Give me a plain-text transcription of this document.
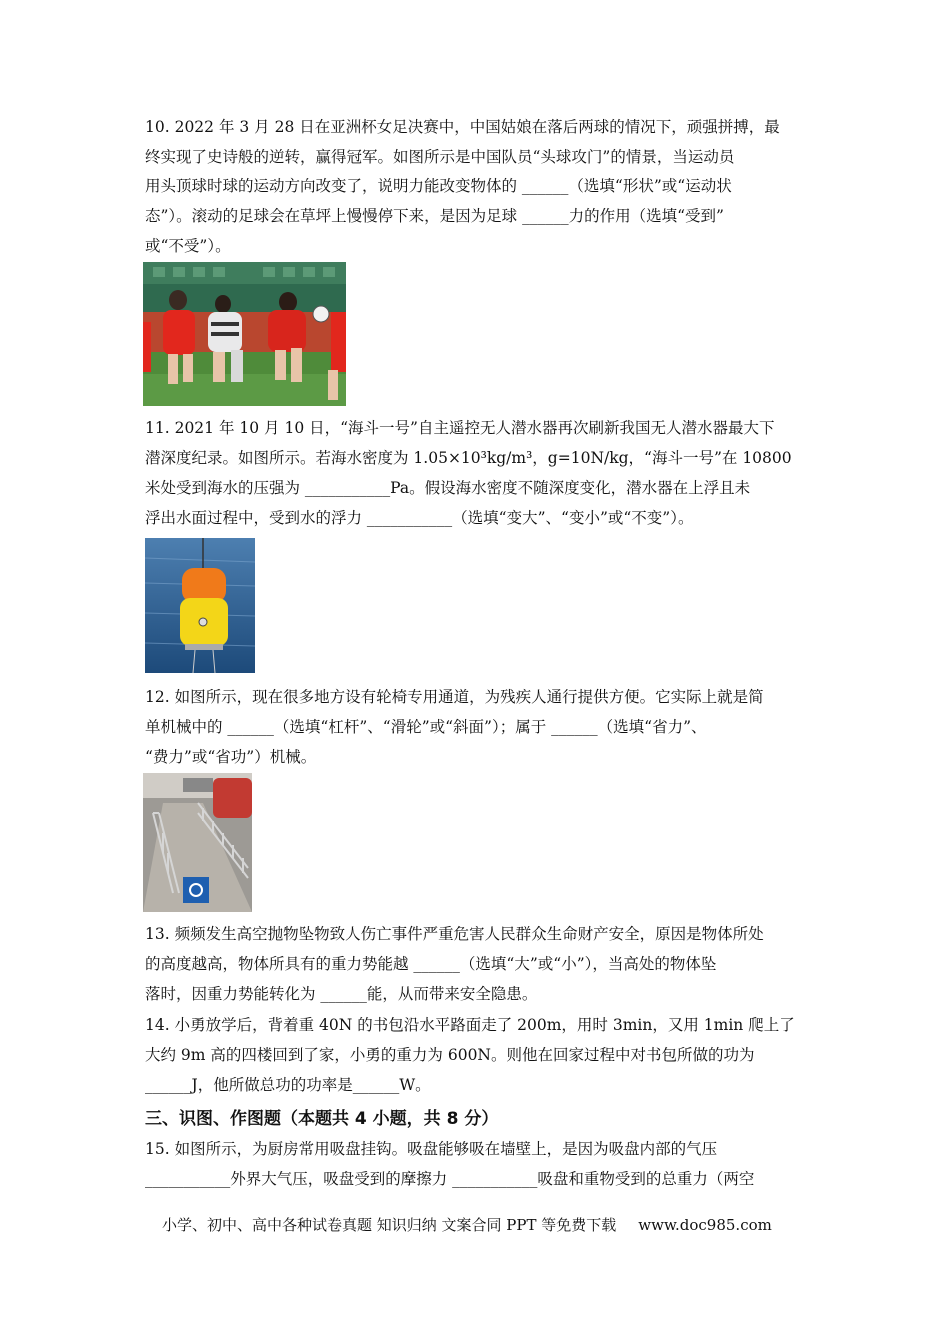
10. 2022 年 3 月 28 日在亚洲杯女足决赛中，中国姑娘在落后两球的情况下，顽强拼搏，最
终实现了史诗般的逆转，赢得冠军。如图所示是中国队员“头球攻门”的情景，当运动员
用头顶球时球的运动方向改变了，说明力能改变物体的 ______（选填“形状”或“运动状
态”）。滚动的足球会在草坪上慢慢停下来，是因为足球 ______力的作用（选填“受到”
或“不受”）。
11. 2021 年 10 月 10 日，“海斗一号”自主遥控无人潜水器再次刷新我国无人潜水器最大下
潜深度纪录。如图所示。若海水密度为 1.05×10³kg/m³，g=10N/kg，“海斗一号”在 10800
米处受到海水的压强为 ___________Pa。假设海水密度不随深度变化，潜水器在上浮且未
浮出水面过程中，受到水的浮力 ___________（选填“变大”、“变小”或“不变”）。
12. 如图所示，现在很多地方设有轮椅专用通道，为残疾人通行提供方便。它实际上就是简
单机械中的 ______（选填“杠杆”、“滑轮”或“斜面”）；属于 ______（选填“省力”、
“费力”或“省功”）机械。
13. 频频发生高空抛物坠物致人伤亡事件严重危害人民群众生命财产安全，原因是物体所处
的高度越高，物体所具有的重力势能越 ______（选填“大”或“小”），当高处的物体坠
落时，因重力势能转化为 ______能，从而带来安全隐患。
14. 小勇放学后，背着重 40N 的书包沿水平路面走了 200m，用时 3min，又用 1min 爬上了
大约 9m 高的四楼回到了家，小勇的重力为 600N。则他在回家过程中对书包所做的功为
______J，他所做总功的功率是______W。
三、识图、作图题（本题共 4 小题，共 8 分）
15. 如图所示，为厨房常用吸盘挂钩。吸盘能够吸在墙壁上，是因为吸盘内部的气压
___________外界大气压，吸盘受到的摩擦力 ___________吸盘和重物受到的总重力（两空
小学、初中、高中各种试卷真题 知识归纳 文案合同 PPT 等免费下载 www.doc985.com
